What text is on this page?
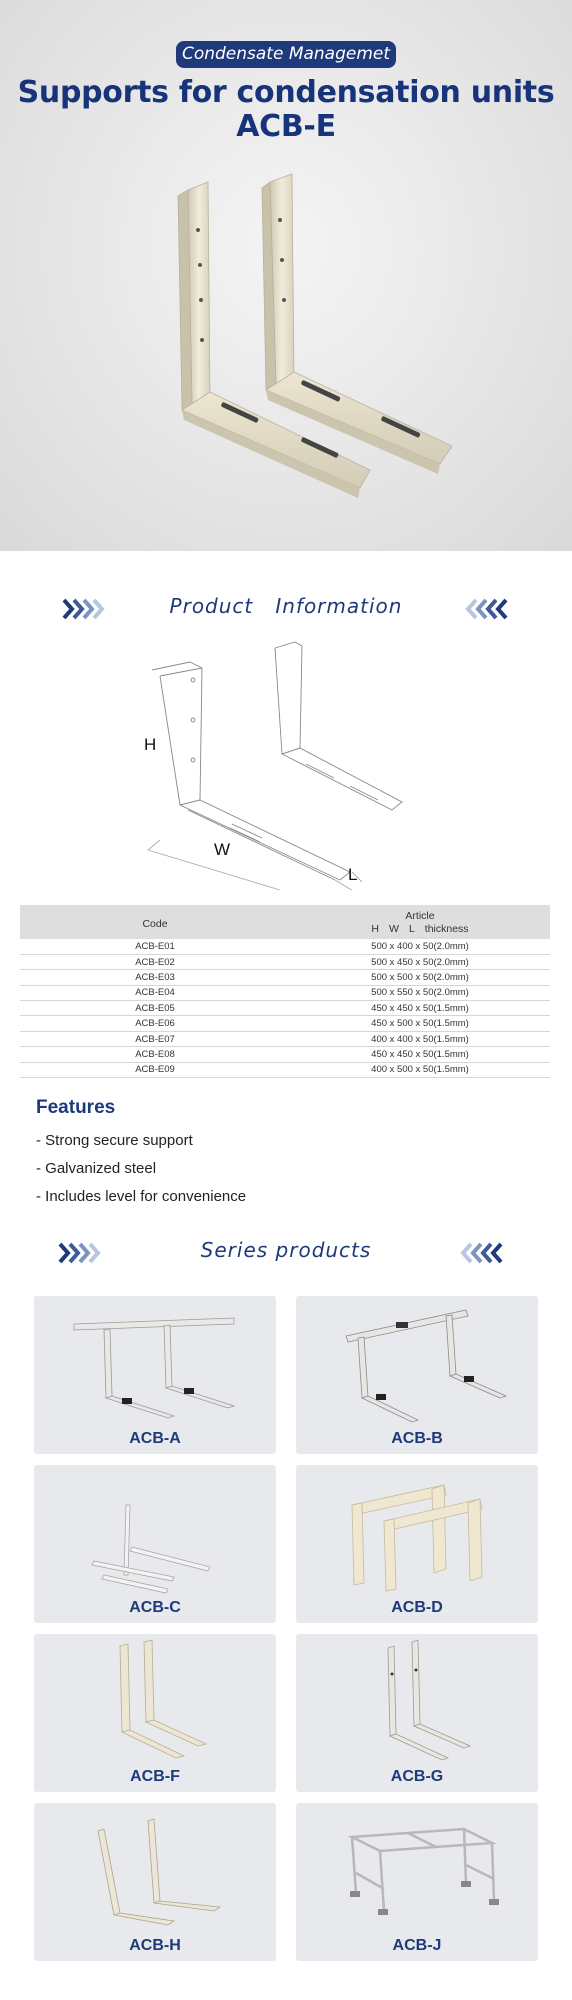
Condensate Managemet
Supports for condensation units
ACB-E
Product   Information
H
W
L
Code	Article
	H W L thickness
ACB-E01	500 x 400 x 50(2.0mm)
ACB-E02	500 x 450 x 50(2.0mm)
ACB-E03	500 x 500 x 50(2.0mm)
ACB-E04	500 x 550 x 50(2.0mm)
ACB-E05	450 x 450 x 50(1.5mm)
ACB-E06	450 x 500 x 50(1.5mm)
ACB-E07	400 x 400 x 50(1.5mm)
ACB-E08	450 x 450 x 50(1.5mm)
ACB-E09	400 x 500 x 50(1.5mm)
Features
- Strong secure support
- Galvanized steel
- Includes level for convenience
Series products
ACB-A	ACB-B
ACB-C	ACB-D
ACB-F	ACB-G
ACB-H	ACB-J
